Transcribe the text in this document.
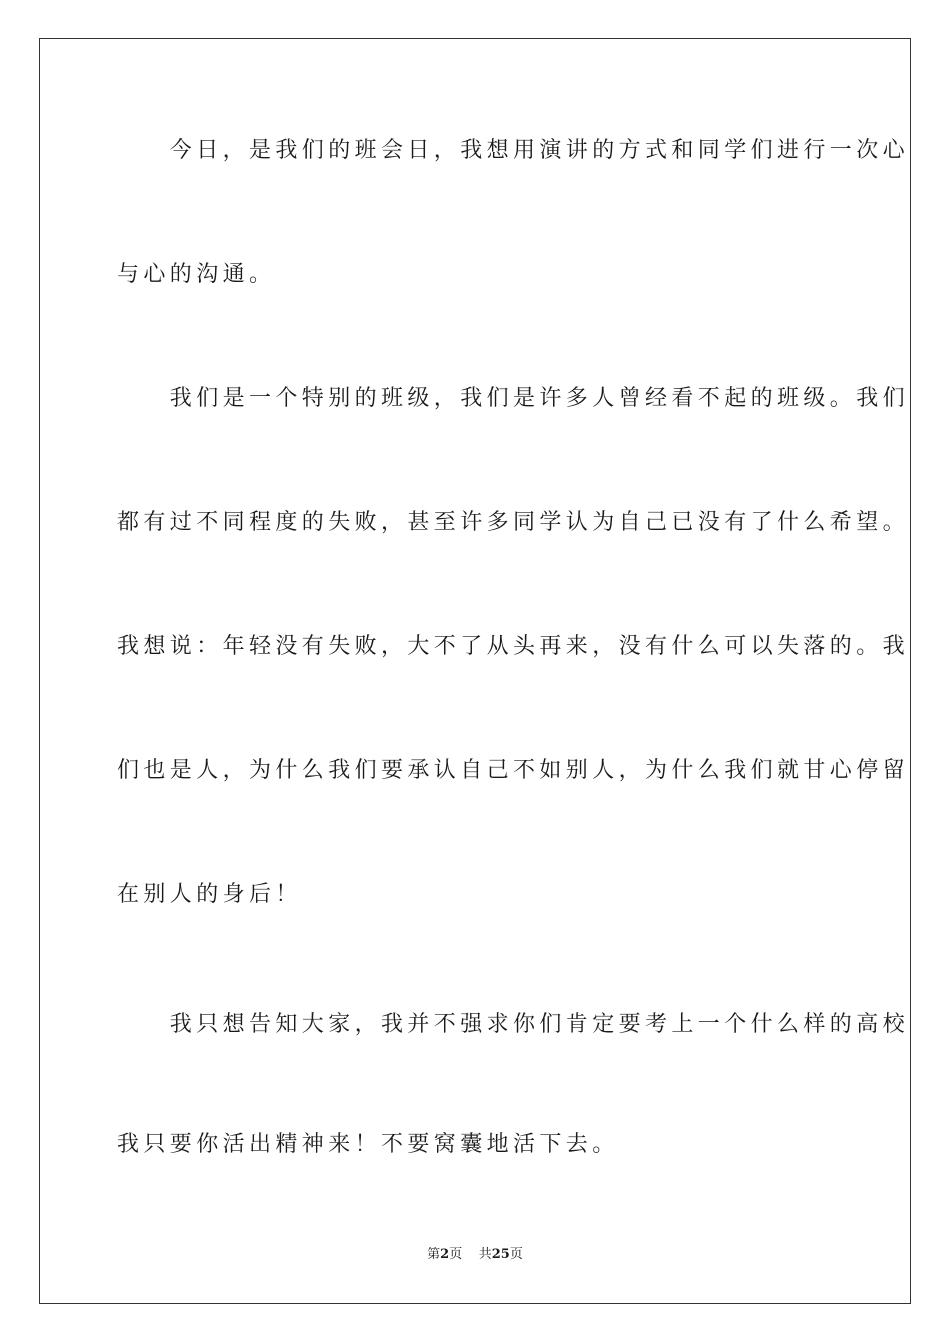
　　今日，是我们的班会日，我想用演讲的方式和同学们进行一次心
与心的沟通。
　　我们是一个特别的班级，我们是许多人曾经看不起的班级。我们
都有过不同程度的失败，甚至许多同学认为自己已没有了什么希望。
我想说：年轻没有失败，大不了从头再来，没有什么可以失落的。我
们也是人，为什么我们要承认自己不如别人，为什么我们就甘心停留
在别人的身后！
　　我只想告知大家，我并不强求你们肯定要考上一个什么样的高校
我只要你活出精神来！不要窝囊地活下去。
第2页 共25页
